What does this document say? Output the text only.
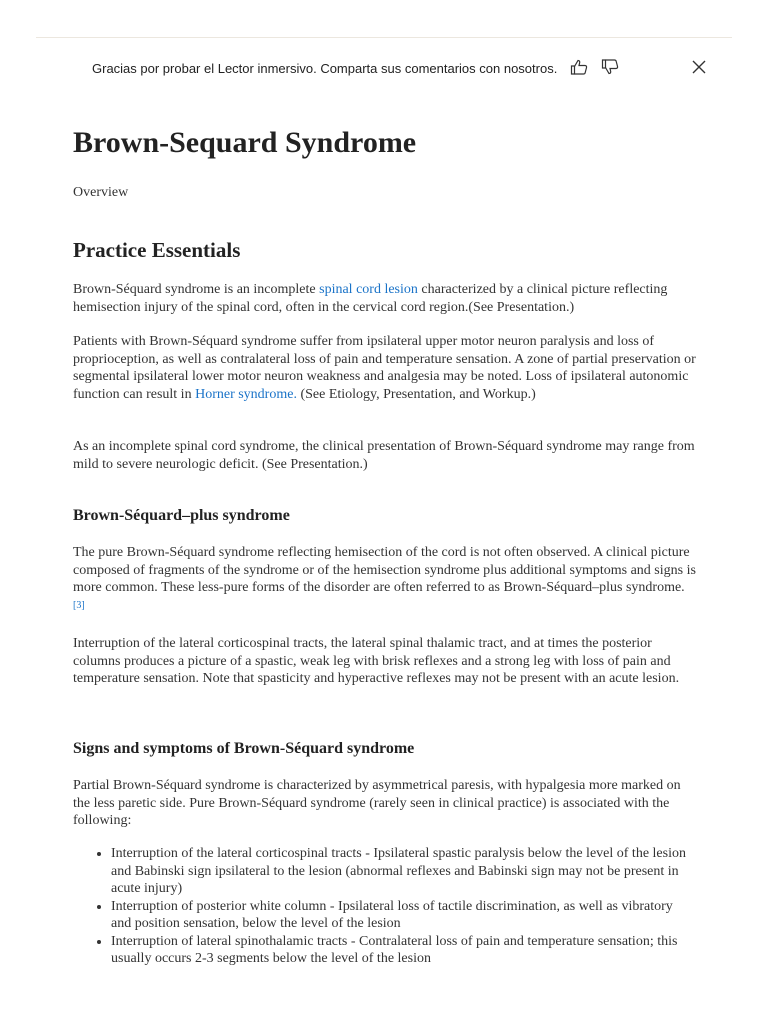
Gracias por probar el Lector inmersivo. Comparta sus comentarios con nosotros.
Brown-Sequard Syndrome

Overview

Practice Essentials

Brown-Séquard syndrome is an incomplete spinal cord lesion characterized by a clinical picture reflecting hemisection injury of the spinal cord, often in the cervical cord region.(See Presentation.)

Patients with Brown-Séquard syndrome suffer from ipsilateral upper motor neuron paralysis and loss of proprioception, as well as contralateral loss of pain and temperature sensation. A zone of partial preservation or segmental ipsilateral lower motor neuron weakness and analgesia may be noted. Loss of ipsilateral autonomic function can result in Horner syndrome. (See Etiology, Presentation, and Workup.)

As an incomplete spinal cord syndrome, the clinical presentation of Brown-Séquard syndrome may range from mild to severe neurologic deficit. (See Presentation.)

Brown-Séquard–plus syndrome

The pure Brown-Séquard syndrome reflecting hemisection of the cord is not often observed. A clinical picture composed of fragments of the syndrome or of the hemisection syndrome plus additional symptoms and signs is more common. These less-pure forms of the disorder are often referred to as Brown-Séquard–plus syndrome. [3]

Interruption of the lateral corticospinal tracts, the lateral spinal thalamic tract, and at times the posterior columns produces a picture of a spastic, weak leg with brisk reflexes and a strong leg with loss of pain and temperature sensation. Note that spasticity and hyperactive reflexes may not be present with an acute lesion.

Signs and symptoms of Brown-Séquard syndrome

Partial Brown-Séquard syndrome is characterized by asymmetrical paresis, with hypalgesia more marked on the less paretic side. Pure Brown-Séquard syndrome (rarely seen in clinical practice) is associated with the following:

• Interruption of the lateral corticospinal tracts - Ipsilateral spastic paralysis below the level of the lesion and Babinski sign ipsilateral to the lesion (abnormal reflexes and Babinski sign may not be present in acute injury)
• Interruption of posterior white column - Ipsilateral loss of tactile discrimination, as well as vibratory and position sensation, below the level of the lesion
• Interruption of lateral spinothalamic tracts - Contralateral loss of pain and temperature sensation; this usually occurs 2-3 segments below the level of the lesion
